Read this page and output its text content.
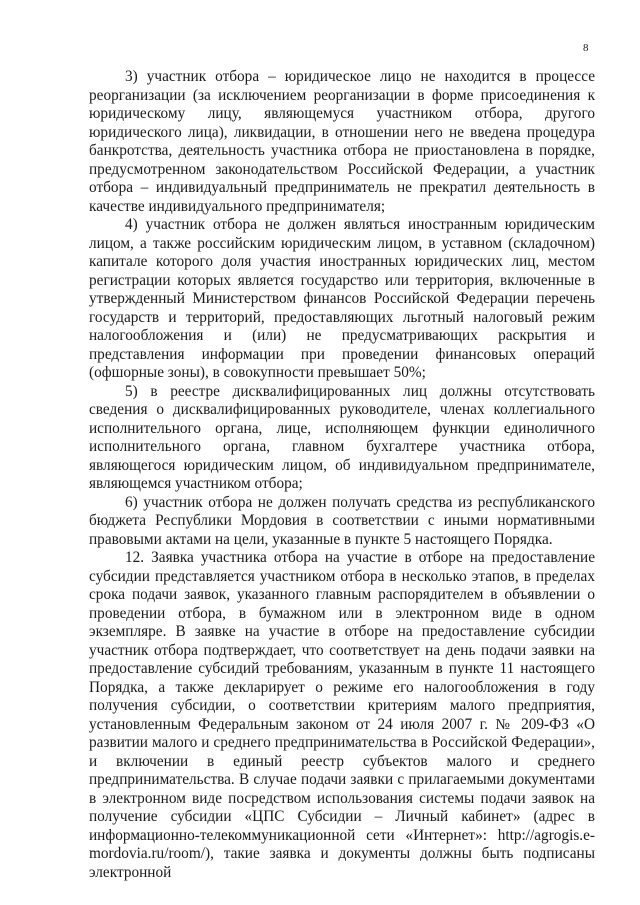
8

3) участник отбора – юридическое лицо не находится в процессе реорганизации (за исключением реорганизации в форме присоединения к юридическому лицу, являющемуся участником отбора, другого юридического лица), ликвидации, в отношении него не введена процедура банкротства, деятельность участника отбора не приостановлена в порядке, предусмотренном законодательством Российской Федерации, а участник отбора – индивидуальный предприниматель не прекратил деятельность в качестве индивидуального предпринимателя;

4) участник отбора не должен являться иностранным юридическим лицом, а также российским юридическим лицом, в уставном (складочном) капитале которого доля участия иностранных юридических лиц, местом регистрации которых является государство или территория, включенные в утвержденный Министерством финансов Российской Федерации перечень государств и территорий, предоставляющих льготный налоговый режим налогообложения и (или) не предусматривающих раскрытия и представления информации при проведении финансовых операций (офшорные зоны), в совокупности превышает 50%;

5) в реестре дисквалифицированных лиц должны отсутствовать сведения о дисквалифицированных руководителе, членах коллегиального исполнительного органа, лице, исполняющем функции единоличного исполнительного органа, главном бухгалтере участника отбора, являющегося юридическим лицом, об индивидуальном предпринимателе, являющемся участником отбора;

6) участник отбора не должен получать средства из республиканского бюджета Республики Мордовия в соответствии с иными нормативными правовыми актами на цели, указанные в пункте 5 настоящего Порядка.

12. Заявка участника отбора на участие в отборе на предоставление субсидии представляется участником отбора в несколько этапов, в пределах срока подачи заявок, указанного главным распорядителем в объявлении о проведении отбора, в бумажном или в электронном виде в одном экземпляре. В заявке на участие в отборе на предоставление субсидии участник отбора подтверждает, что соответствует на день подачи заявки на предоставление субсидий требованиям, указанным в пункте 11 настоящего Порядка, а также декларирует о режиме его налогообложения в году получения субсидии, о соответствии критериям малого предприятия, установленным Федеральным законом от 24 июля 2007 г. № 209-ФЗ «О развитии малого и среднего предпринимательства в Российской Федерации», и включении в единый реестр субъектов малого и среднего предпринимательства. В случае подачи заявки с прилагаемыми документами в электронном виде посредством использования системы подачи заявок на получение субсидии «ЦПС Субсидии – Личный кабинет» (адрес в информационно-телекоммуникационной сети «Интернет»: http://agrogis.e-mordovia.ru/room/), такие заявка и документы должны быть подписаны электронной
